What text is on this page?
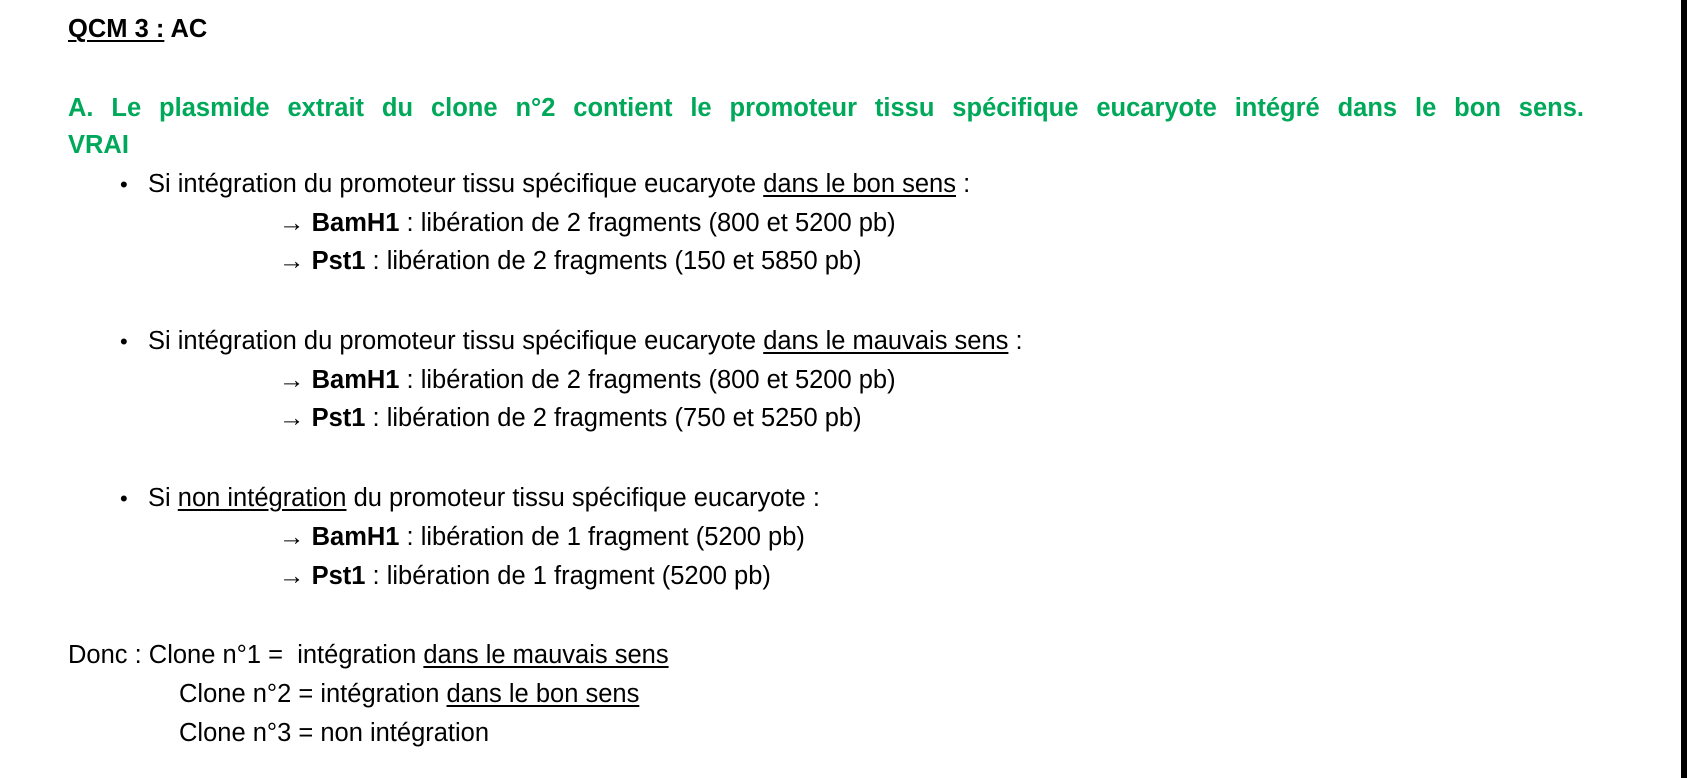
QCM 3 : AC
A. Le plasmide extrait du clone n°2 contient le promoteur tissu spécifique eucaryote intégré dans le bon sens.
VRAI
• Si intégration du promoteur tissu spécifique eucaryote dans le bon sens :
→ BamH1 : libération de 2 fragments (800 et 5200 pb)
→ Pst1 : libération de 2 fragments (150 et 5850 pb)
• Si intégration du promoteur tissu spécifique eucaryote dans le mauvais sens :
→ BamH1 : libération de 2 fragments (800 et 5200 pb)
→ Pst1 : libération de 2 fragments (750 et 5250 pb)
• Si non intégration du promoteur tissu spécifique eucaryote :
→ BamH1 : libération de 1 fragment (5200 pb)
→ Pst1 : libération de 1 fragment (5200 pb)
Donc : Clone n°1 =  intégration dans le mauvais sens
Clone n°2 = intégration dans le bon sens
Clone n°3 = non intégration
